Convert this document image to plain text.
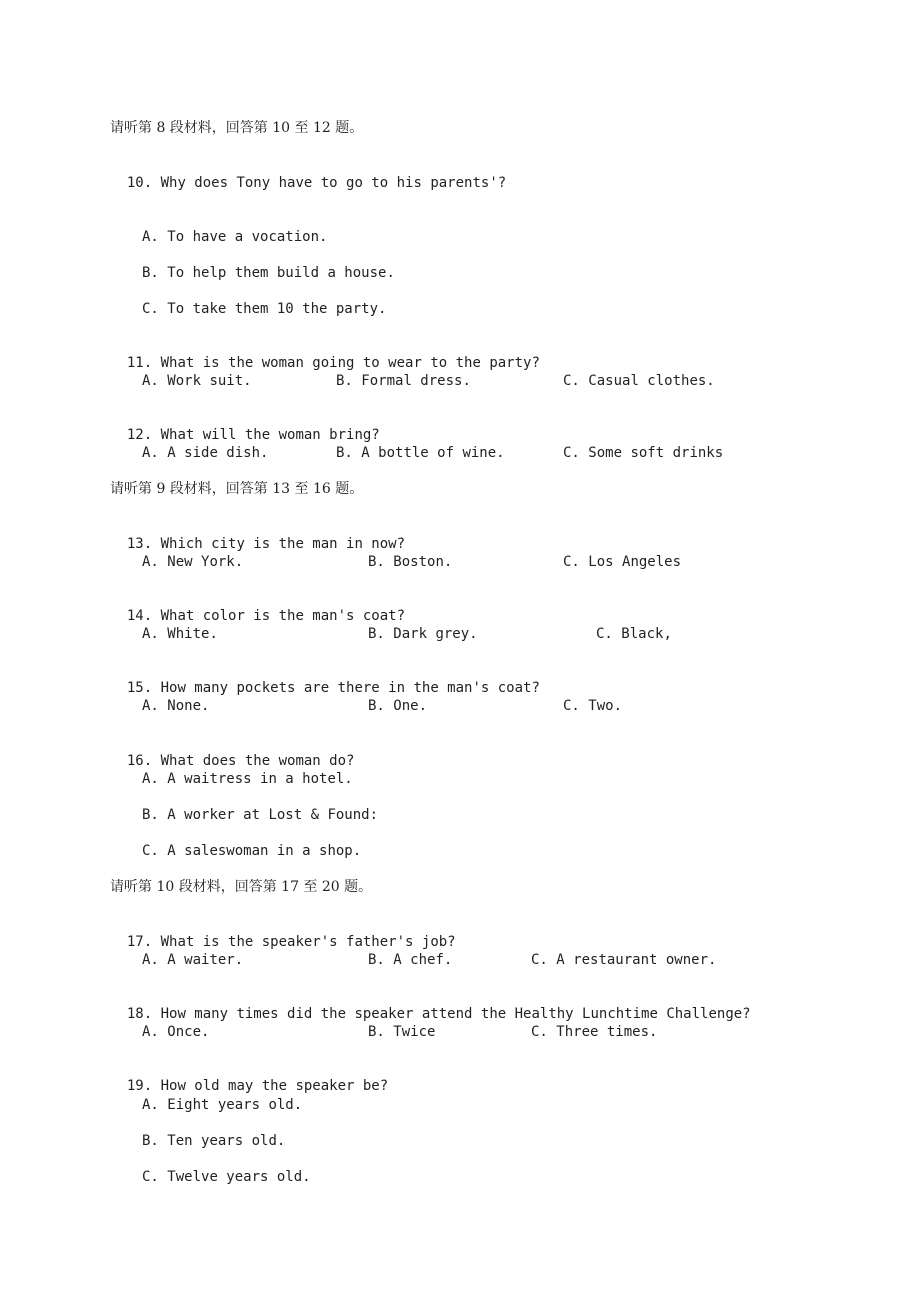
请听第 8 段材料，回答第 10 至 12 题。

10. Why does Tony have to go to his parents'?

A. To have a vocation.
B. To help them build a house.
C. To take them 10 the party.

11. What is the woman going to wear to the party?

A. Work suit.	B. Formal dress.	C. Casual clothes.

12. What will the woman bring?

A. A side dish.	B. A bottle of wine.	C. Some soft drinks
请听第 9 段材料，回答第 13 至 16 题。

13. Which city is the man in now?

A. New York.	B. Boston.	C. Los Angeles

14. What color is the man's coat?

A. White.	B. Dark grey.	C. Black,

15. How many pockets are there in the man's coat?

A. None.	B. One.	C. Two.

16. What does the woman do?

A. A waitress in a hotel.
B. A worker at Lost & Found:
C. A saleswoman in a shop.
请听第 10 段材料，回答第 17 至 20 题。

17. What is the speaker's father's job?

A. A waiter.	B. A chef.	C. A restaurant owner.

18. How many times did the speaker attend the Healthy Lunchtime Challenge?

A. Once.	B. Twice	C. Three times.

19. How old may the speaker be?

A. Eight years old.
B. Ten years old.
C. Twelve years old.
